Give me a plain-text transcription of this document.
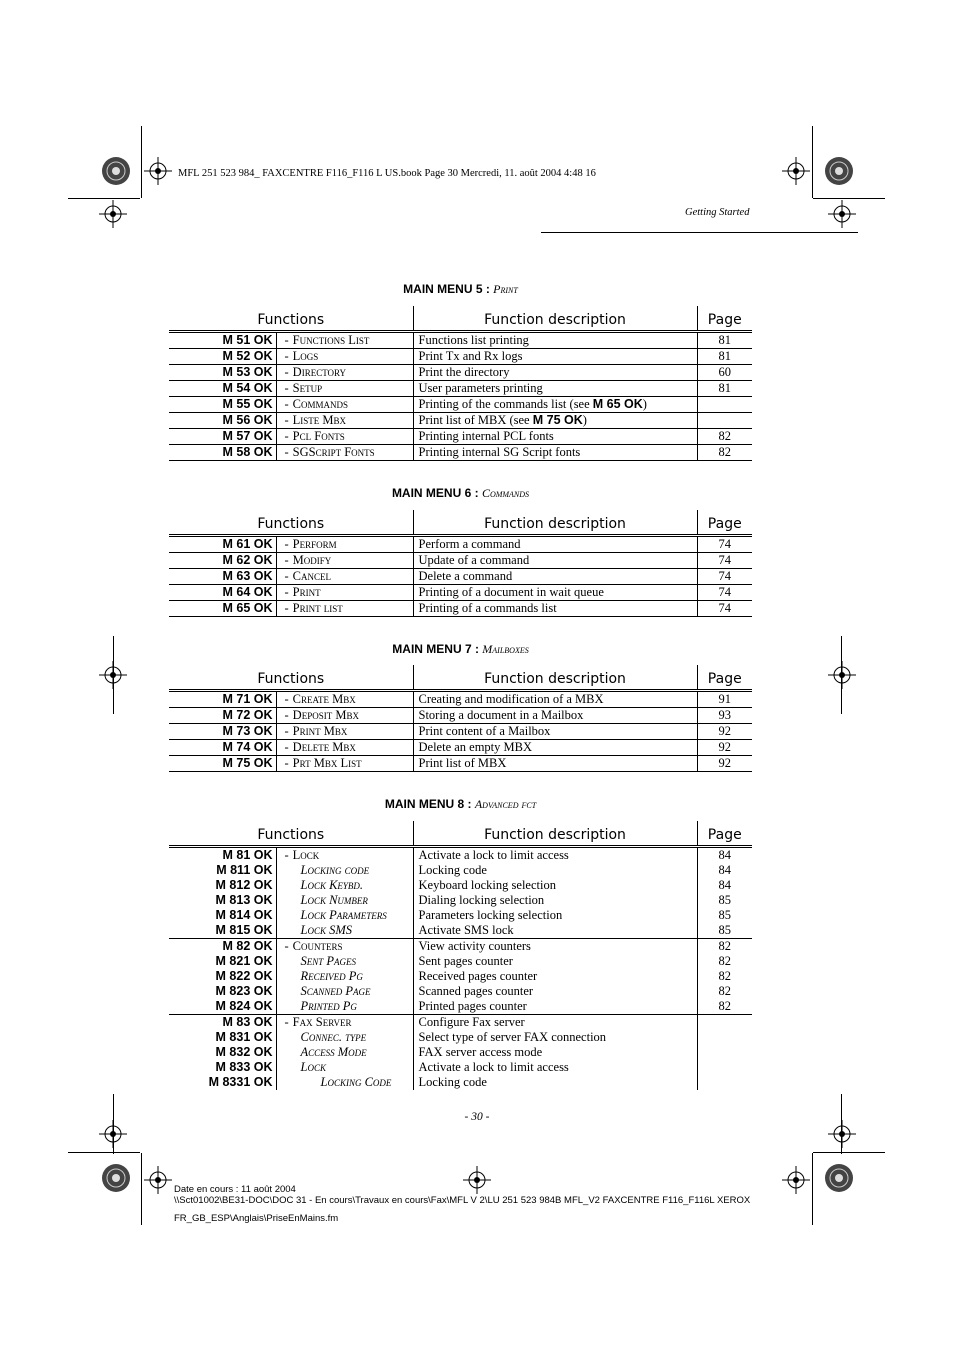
MFL 251 523 984_ FAXCENTRE F116_F116 L US.book Page 30 Mercredi, 11. août 2004 4:48 16
Getting Started
MAIN MENU 5 : Print
Functions		Function description	Page
M 51 OK	- Functions List	Functions list printing	81
M 52 OK	- Logs	Print Tx and Rx logs	81
M 53 OK	- Directory	Print the directory	60
M 54 OK	- Setup	User parameters printing	81
M 55 OK	- Commands	Printing of the commands list (see M 65 OK)	
M 56 OK	- Liste Mbx	Print list of MBX (see M 75 OK)	
M 57 OK	- Pcl Fonts	Printing internal PCL fonts	82
M 58 OK	- SGScript Fonts	Printing internal SG Script fonts	82
MAIN MENU 6 : Commands
Functions		Function description	Page
M 61 OK	- Perform	Perform a command	74
M 62 OK	- Modify	Update of a command	74
M 63 OK	- Cancel	Delete a command	74
M 64 OK	- Print	Printing of a document in wait queue	74
M 65 OK	- Print list	Printing of a commands list	74
MAIN MENU 7 : Mailboxes
Functions		Function description	Page
M 71 OK	- Create Mbx	Creating and modification of a MBX	91
M 72 OK	- Deposit Mbx	Storing a document in a Mailbox	93
M 73 OK	- Print Mbx	Print content of a Mailbox	92
M 74 OK	- Delete Mbx	Delete an empty MBX	92
M 75 OK	- Prt Mbx List	Print list of MBX	92
MAIN MENU 8 : Advanced fct
Functions		Function description	Page
M 81 OK	- Lock	Activate a lock to limit access	84
M 811 OK	Locking code	Locking code	84
M 812 OK	Lock Keybd.	Keyboard locking selection	84
M 813 OK	Lock Number	Dialing locking selection	85
M 814 OK	Lock Parameters	Parameters locking selection	85
M 815 OK	Lock SMS	Activate SMS lock	85
M 82 OK	- Counters	View activity counters	82
M 821 OK	Sent Pages	Sent pages counter	82
M 822 OK	Received Pg	Received pages counter	82
M 823 OK	Scanned Page	Scanned pages counter	82
M 824 OK	Printed Pg	Printed pages counter	82
M 83 OK	- Fax Server	Configure Fax server	
M 831 OK	Connec. type	Select type of server FAX connection	
M 832 OK	Access Mode	FAX server access mode	
M 833 OK	Lock	Activate a lock to limit access	
M 8331 OK	Locking Code	Locking code	
- 30 -
Date en cours : 11 août 2004
\\Sct01002\BE31-DOC\DOC 31 - En cours\Travaux en cours\Fax\MFL V 2\LU 251 523 984B MFL_V2 FAXCENTRE F116_F116L XEROX
FR_GB_ESP\Anglais\PriseEnMains.fm
